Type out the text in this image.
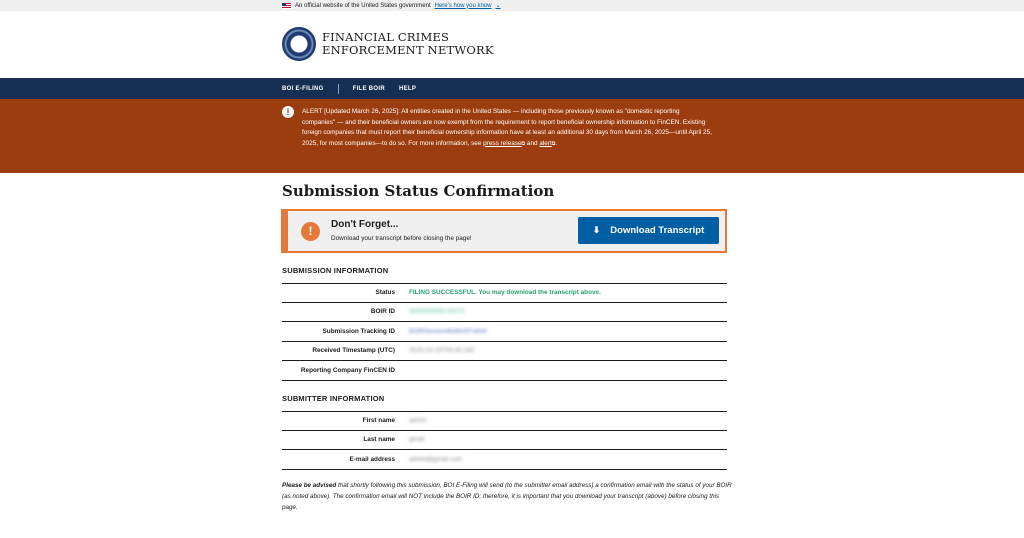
An official website of the United States government Here's how you know ⌄
FINANCIAL CRIMES
ENFORCEMENT NETWORK
BOI E-FILING	FILE BOIR HELP
!	ALERT [Updated March 26, 2025]: All entities created in the United States — including those previously known as "domestic reporting companies" — and their beneficial owners are now exempt from the requirement to report beneficial ownership information to FinCEN. Existing foreign companies that must report their beneficial ownership information have at least an additional 30 days from March 26, 2025—until April 25, 2025, for most companies—to do so. For more information, see press release⧉ and alert⧉.
Submission Status Confirmation
!	Don't Forget...
Download your transcript before closing the page!
⬇ Download Transcript
SUBMISSION INFORMATION
Status FILING SUCCESSFUL. You may download the transcript above.
BOIR ID 0000000000-00273
Submission Tracking ID BOIRSessionBd4fc6f7a5d4
Received Timestamp (UTC) 2025-03-19T09:35:18Z
Reporting Company FinCEN ID
SUBMITTER INFORMATION
First name admin
Last name gmail
E-mail address admin@gmail.com

Please be advised that shortly following this submission, BOI E-Filing will send (to the submitter email address) a confirmation email with the status of your BOIR (as noted above). The confirmation email will NOT include the BOIR ID; therefore, it is important that you download your transcript (above) before closing this page.
